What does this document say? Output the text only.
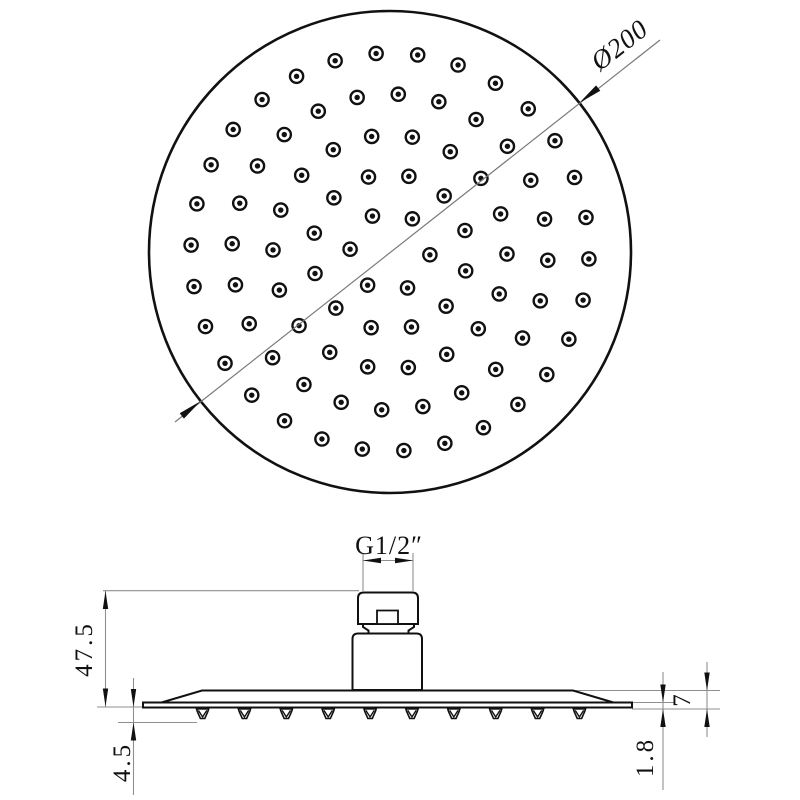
Ø200
G1/2″
47.5
4.5
7
1.8
